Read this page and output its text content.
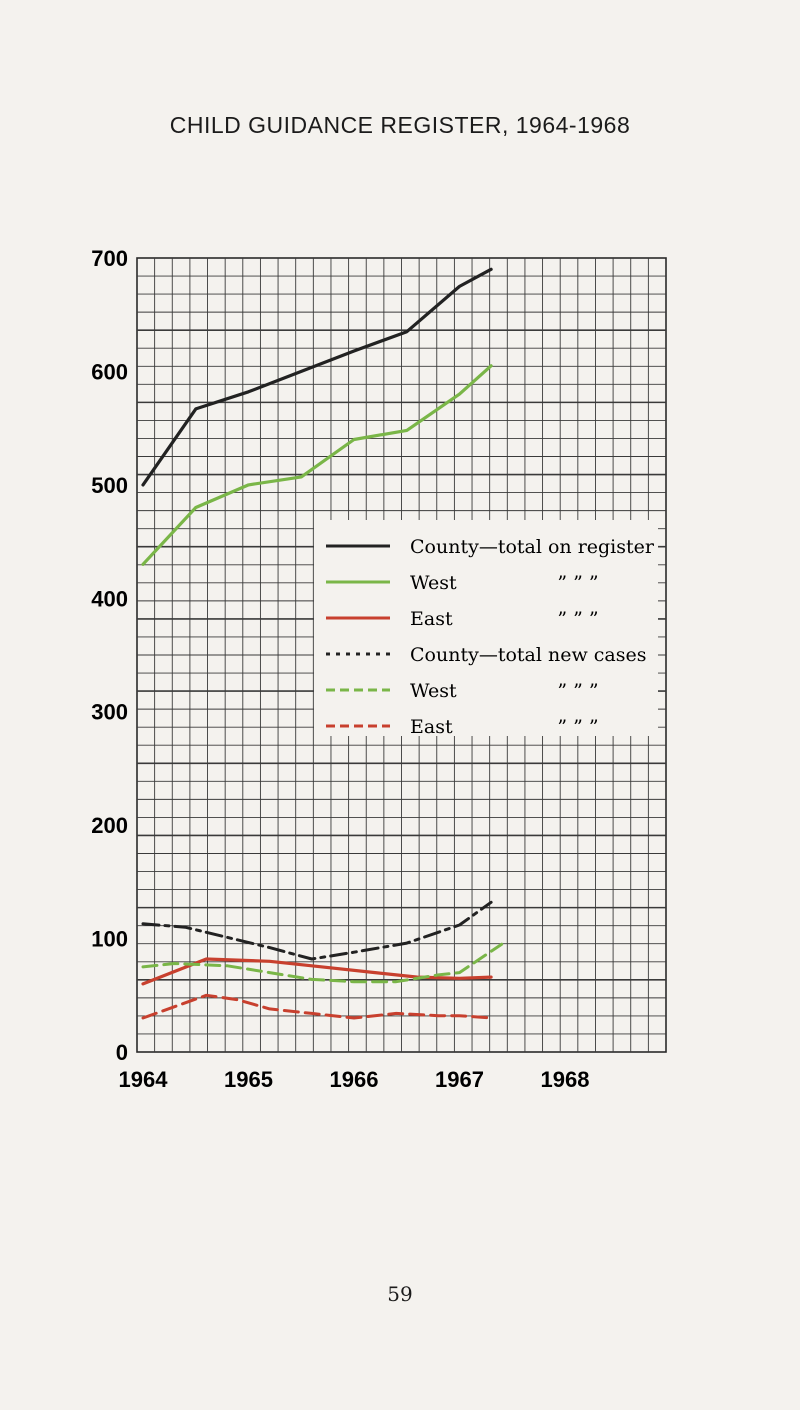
CHILD GUIDANCE REGISTER, 1964-1968
0
100
200
300
400
500
600
700
1964	1965	1966	1967	1968
County—total on register
West	” ” ”
East	” ” ”
County—total new cases
West	” ” ”
East	” ” ”
59
